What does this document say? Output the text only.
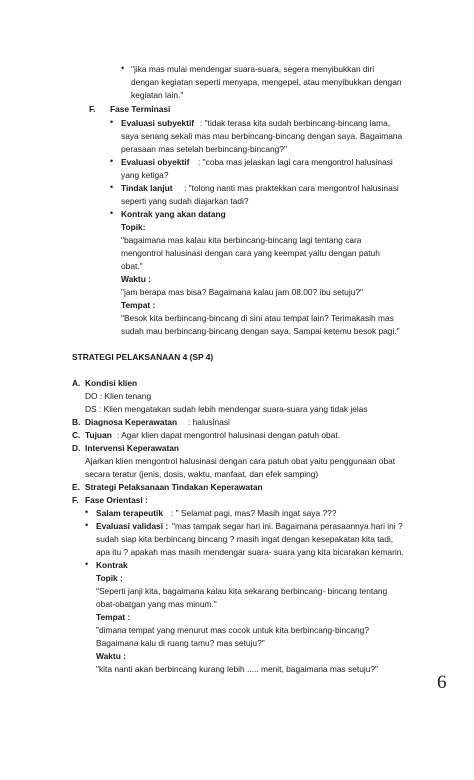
• "jika mas mulai mendengar suara-suara, segera menyibukkan diri
dengan kegiatan seperti menyapa, mengepel, atau menyibukkan dengan
kegiatan lain."
F. Fase Terminasi
• Evaluasi subyektif : "tidak terasa kita sudah berbincang-bincang lama,
saya senang sekali mas mau berbincang-bincang dengan saya. Bagaimana
perasaan mas setelah berbincang-bincang?"
• Evaluasi obyektif : "coba mas jelaskan lagi cara mengontrol halusinasi
yang ketiga?
• Tindak lanjut : "tolong nanti mas praktekkan cara mengontrol halusinasi
seperti yang sudah diajarkan tadi?
• Kontrak yang akan datang
Topik:
"bagaimana mas kalau kita berbincang-bincang lagi tentang cara
mengontrol halusinasi dengan cara yang keempat yaitu dengan patuh
obat."
Waktu :
"jam berapa mas bisa? Bagaimana kalau jam 08.00? ibu setuju?"
Tempat :
"Besok kita berbincang-bincang di sini atau tempat lain? Terimakasih mas
sudah mau berbincang-bincang dengan saya. Sampai ketemu besok pagi."
STRATEGI PELAKSANAAN 4 (SP 4)
A. Kondisi klien
DO : Klien tenang
DS : Klien mengatakan sudah lebih mendengar suara-suara yang tidak jelas
B. Diagnosa Keperawatan : halusinasi
C. Tujuan : Agar klien dapat mengontrol halusinasi dengan patuh obat.
D. Intervensi Keperawatan
Ajarkan klien mengontrol halusinasi dengan cara patuh obat yaitu penggunaan obat
secara teratur (jenis, dosis, waktu, manfaat, dan efek samping)
E. Strategi Pelaksanaan Tindakan Keperawatan
F. Fase Orientasi :
• Salam terapeutik : " Selamat pagi, mas? Masih ingat saya ???
• Evaluasi validasi : "mas tampak segar hari ini. Bagaimana perasaannya hari ini ?
sudah siap kita berbincang bincang ? masih ingat dengan kesepakatan kita tadi,
apa itu ? apakah mas masih mendengar suara- suara yang kita bicarakan kemarin.
• Kontrak
Topik :
"Seperti janji kita, bagaimana kalau kita sekarang berbincang- bincang tentang
obat-obatgan yang mas minum."
Tempat :
"dimana tempat yang menurut mas cocok untuk kita berbincang-bincang?
Bagaimana kalu di ruang tamu? mas setuju?"
Waktu :
"kita nanti akan berbincang kurang lebih ..... menit, bagaimana mas setuju?"
6
